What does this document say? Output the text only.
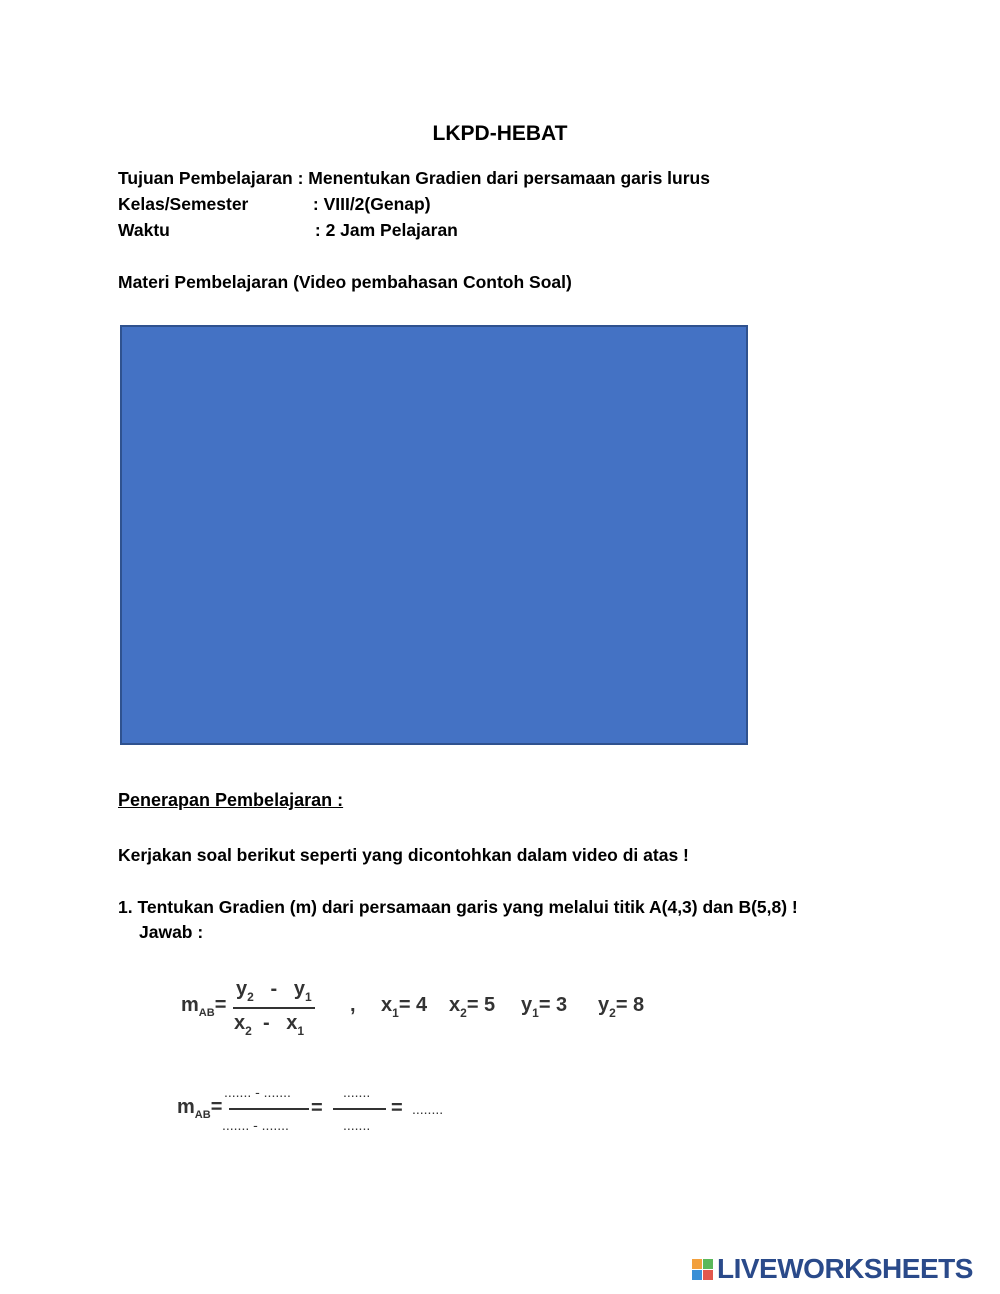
LKPD-HEBAT
Tujuan Pembelajaran : Menentukan Gradien dari persamaan garis lurus
Kelas/Semester	: VIII/2(Genap)
Waktu	: 2 Jam Pelajaran
Materi Pembelajaran (Video pembahasan Contoh Soal)
Penerapan Pembelajaran :
Kerjakan soal berikut seperti yang dicontohkan dalam video di atas !
1. Tentukan Gradien (m) dari persamaan garis yang melalui titik A(4,3) dan B(5,8) !
Jawab :
$m_{AB}=$
$y_2 - y_1$
$x_2 - x_1$
, $x_1= 4$ $x_2= 5$ $y_1= 3$ $y_2= 8$
$m_{AB}=$
....... - .......
....... - .......
=
.......
.......
= ........
LIVEWORKSHEETS
